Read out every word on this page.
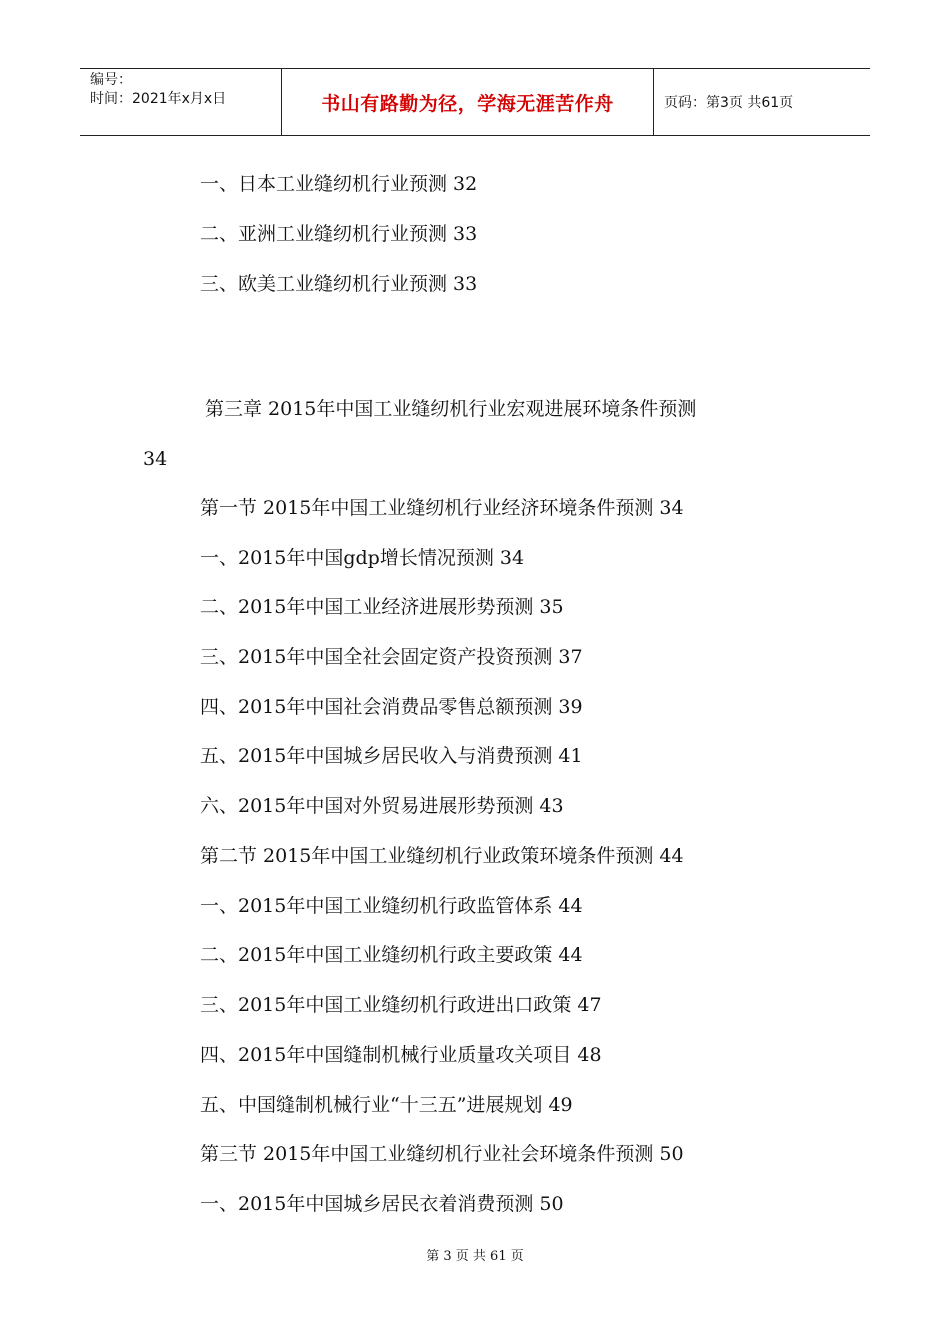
编号：
时间：2021年x月x日	书山有路勤为径，学海无涯苦作舟	页码：第3页 共61页
一、日本工业缝纫机行业预测 32
二、亚洲工业缝纫机行业预测 33
三、欧美工业缝纫机行业预测 33
第三章 2015年中国工业缝纫机行业宏观进展环境条件预测
34
第一节 2015年中国工业缝纫机行业经济环境条件预测 34
一、2015年中国gdp增长情况预测 34
二、2015年中国工业经济进展形势预测 35
三、2015年中国全社会固定资产投资预测 37
四、2015年中国社会消费品零售总额预测 39
五、2015年中国城乡居民收入与消费预测 41
六、2015年中国对外贸易进展形势预测 43
第二节 2015年中国工业缝纫机行业政策环境条件预测 44
一、2015年中国工业缝纫机行政监管体系 44
二、2015年中国工业缝纫机行政主要政策 44
三、2015年中国工业缝纫机行政进出口政策 47
四、2015年中国缝制机械行业质量攻关项目 48
五、中国缝制机械行业“十三五”进展规划 49
第三节 2015年中国工业缝纫机行业社会环境条件预测 50
一、2015年中国城乡居民衣着消费预测 50
第 3 页 共 61 页
